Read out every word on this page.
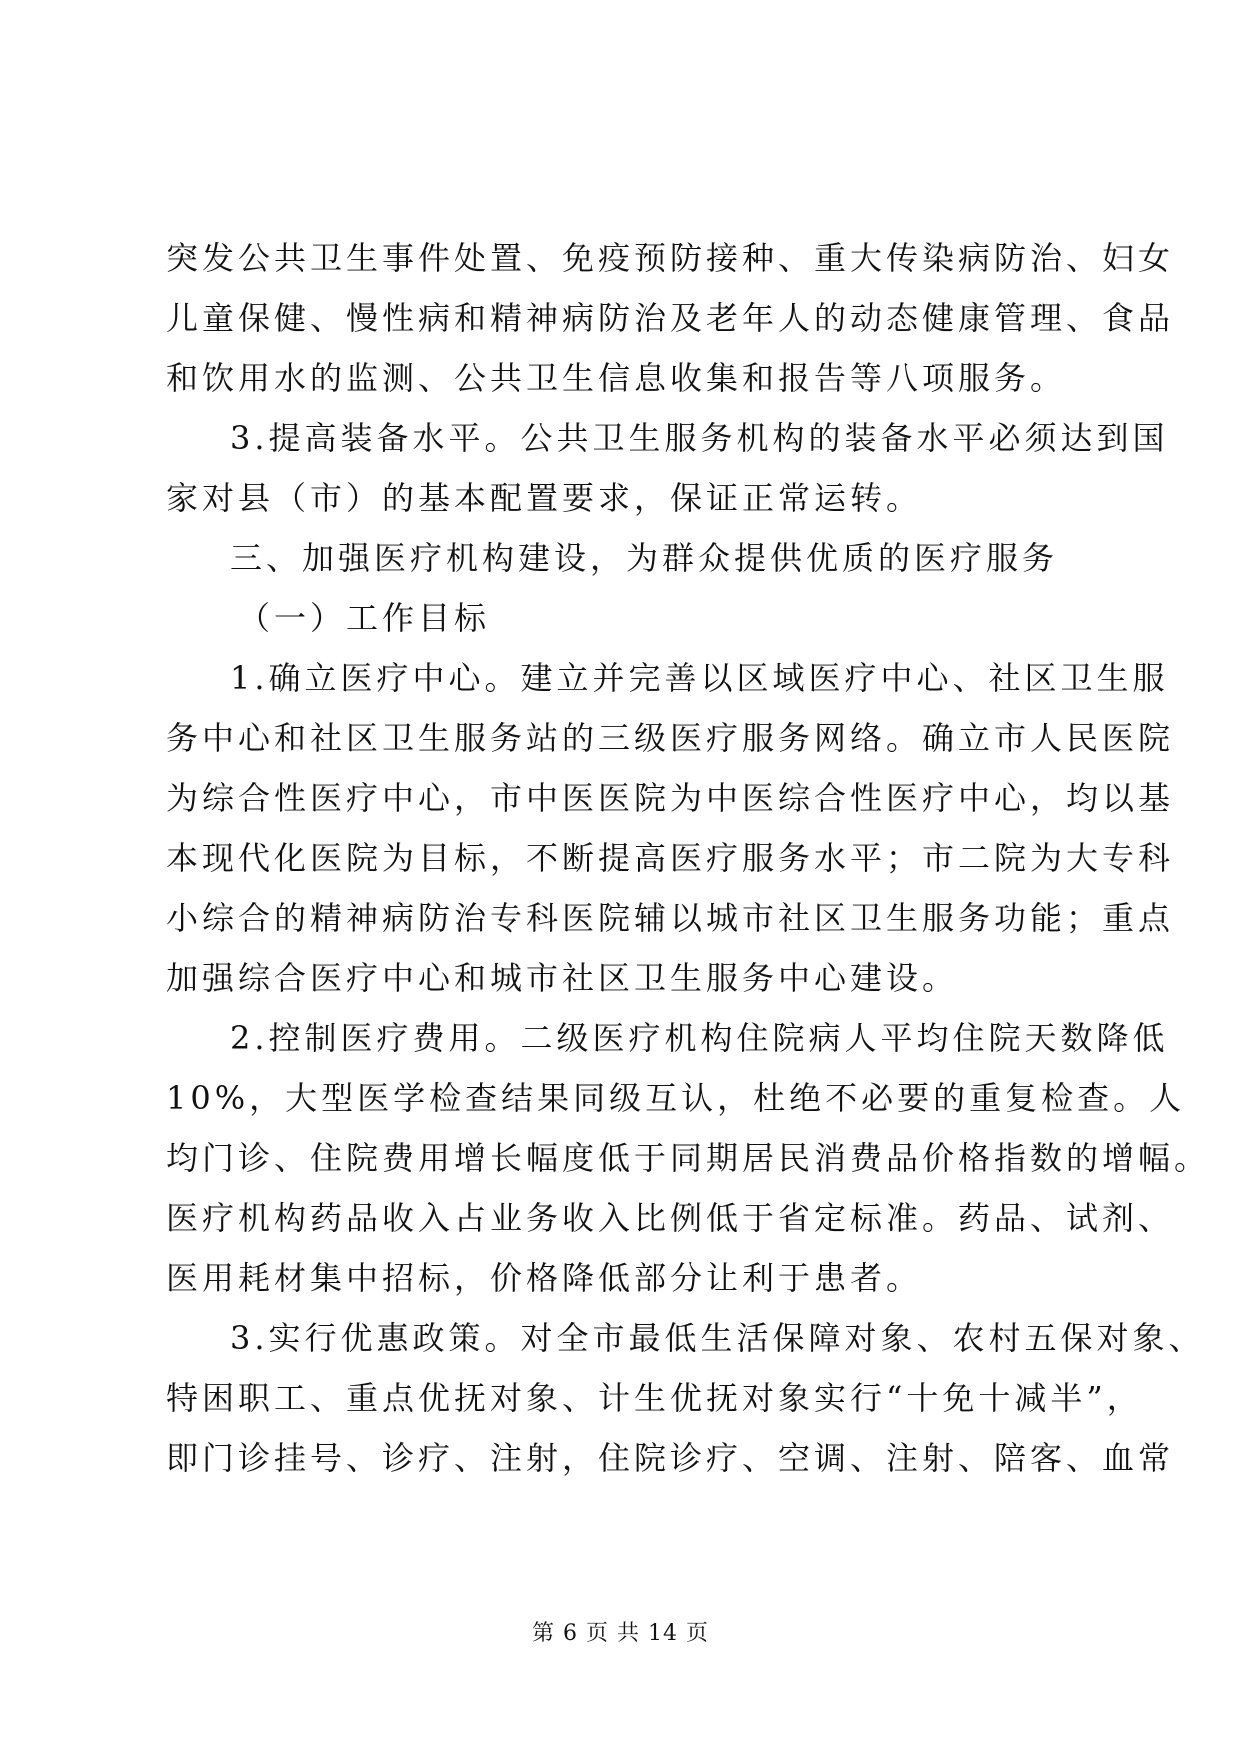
突发公共卫生事件处置、免疫预防接种、重大传染病防治、妇女
儿童保健、慢性病和精神病防治及老年人的动态健康管理、食品
和饮用水的监测、公共卫生信息收集和报告等八项服务。
3.提高装备水平。公共卫生服务机构的装备水平必须达到国
家对县（市）的基本配置要求，保证正常运转。
三、加强医疗机构建设，为群众提供优质的医疗服务
（一）工作目标
1.确立医疗中心。建立并完善以区域医疗中心、社区卫生服
务中心和社区卫生服务站的三级医疗服务网络。确立市人民医院
为综合性医疗中心，市中医医院为中医综合性医疗中心，均以基
本现代化医院为目标，不断提高医疗服务水平；市二院为大专科
小综合的精神病防治专科医院辅以城市社区卫生服务功能；重点
加强综合医疗中心和城市社区卫生服务中心建设。
2.控制医疗费用。二级医疗机构住院病人平均住院天数降低
10%，大型医学检查结果同级互认，杜绝不必要的重复检查。人
均门诊、住院费用增长幅度低于同期居民消费品价格指数的增幅。
医疗机构药品收入占业务收入比例低于省定标准。药品、试剂、
医用耗材集中招标，价格降低部分让利于患者。
3.实行优惠政策。对全市最低生活保障对象、农村五保对象、
特困职工、重点优抚对象、计生优抚对象实行“十免十减半”，
即门诊挂号、诊疗、注射，住院诊疗、空调、注射、陪客、血常
第 6 页 共 14 页
